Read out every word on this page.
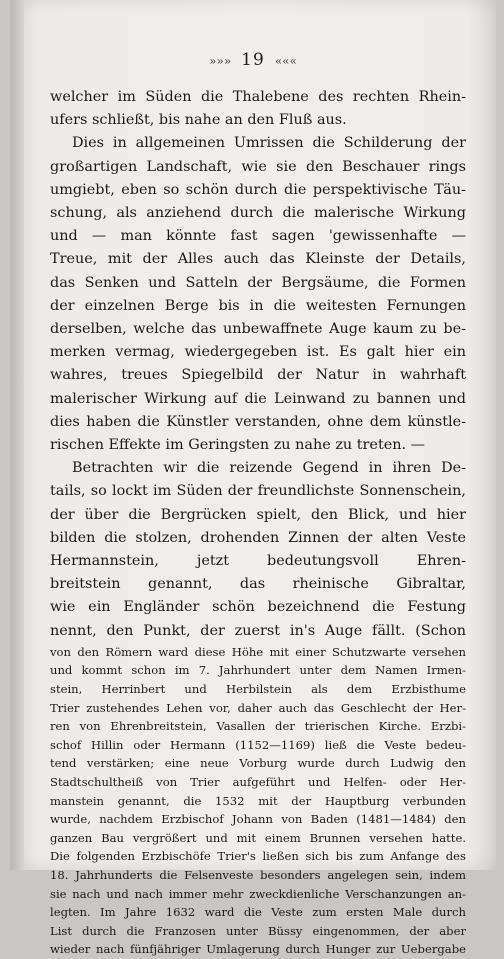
»»» 19 «««
welcher im Süden die Thalebene des rechten Rhein-
ufers schließt, bis nahe an den Fluß aus.
Dies in allgemeinen Umrissen die Schilderung der
großartigen Landschaft, wie sie den Beschauer rings
umgiebt, eben so schön durch die perspektivische Täu-
schung, als anziehend durch die malerische Wirkung
und — man könnte fast sagen 'gewissenhafte —
Treue, mit der Alles auch das Kleinste der Details,
das Senken und Satteln der Bergsäume, die Formen
der einzelnen Berge bis in die weitesten Fernungen
derselben, welche das unbewaffnete Auge kaum zu be-
merken vermag, wiedergegeben ist. Es galt hier ein
wahres, treues Spiegelbild der Natur in wahrhaft
malerischer Wirkung auf die Leinwand zu bannen und
dies haben die Künstler verstanden, ohne dem künstle-
rischen Effekte im Geringsten zu nahe zu treten. —
Betrachten wir die reizende Gegend in ihren De-
tails, so lockt im Süden der freundlichste Sonnenschein,
der über die Bergrücken spielt, den Blick, und hier
bilden die stolzen, drohenden Zinnen der alten Veste
Hermannstein, jetzt bedeutungsvoll Ehren-
breitstein genannt, das rheinische Gibraltar,
wie ein Engländer schön bezeichnend die Festung
nennt, den Punkt, der zuerst in's Auge fällt. (Schon
von den Römern ward diese Höhe mit einer Schutzwarte versehen
und kommt schon im 7. Jahrhundert unter dem Namen Irmen-
stein, Herrinbert und Herbilstein als dem Erzbisthume
Trier zustehendes Lehen vor, daher auch das Geschlecht der Her-
ren von Ehrenbreitstein, Vasallen der trierischen Kirche. Erzbi-
schof Hillin oder Hermann (1152—1169) ließ die Veste bedeu-
tend verstärken; eine neue Vorburg wurde durch Ludwig den
Stadtschultheiß von Trier aufgeführt und Helfen- oder Her-
manstein genannt, die 1532 mit der Hauptburg verbunden
wurde, nachdem Erzbischof Johann von Baden (1481—1484) den
ganzen Bau vergrößert und mit einem Brunnen versehen hatte.
Die folgenden Erzbischöfe Trier's ließen sich bis zum Anfange des
18. Jahrhunderts die Felsenveste besonders angelegen sein, indem
sie nach und nach immer mehr zweckdienliche Verschanzungen an-
legten. Im Jahre 1632 ward die Veste zum ersten Male durch
List durch die Franzosen unter Büssy eingenommen, der aber
wieder nach fünfjähriger Umlagerung durch Hunger zur Uebergabe
